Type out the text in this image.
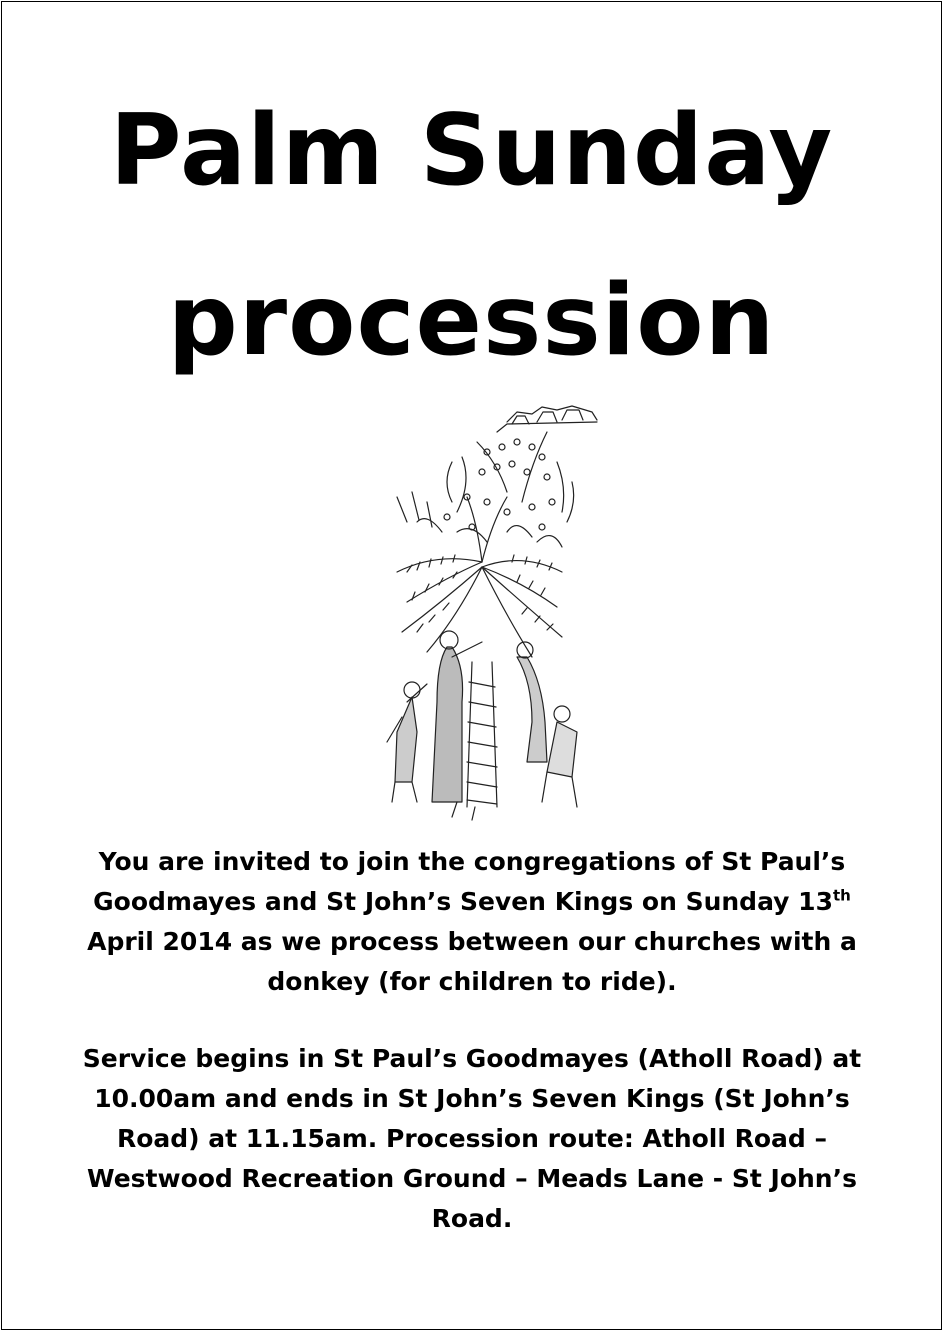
Palm Sunday
procession

You are invited to join the congregations of St Paul’s
Goodmayes and St John’s Seven Kings on Sunday 13th
April 2014 as we process between our churches with a
donkey (for children to ride).

Service begins in St Paul’s Goodmayes (Atholl Road) at
10.00am and ends in St John’s Seven Kings (St John’s
Road) at 11.15am. Procession route: Atholl Road –
Westwood Recreation Ground – Meads Lane - St John’s
Road.
